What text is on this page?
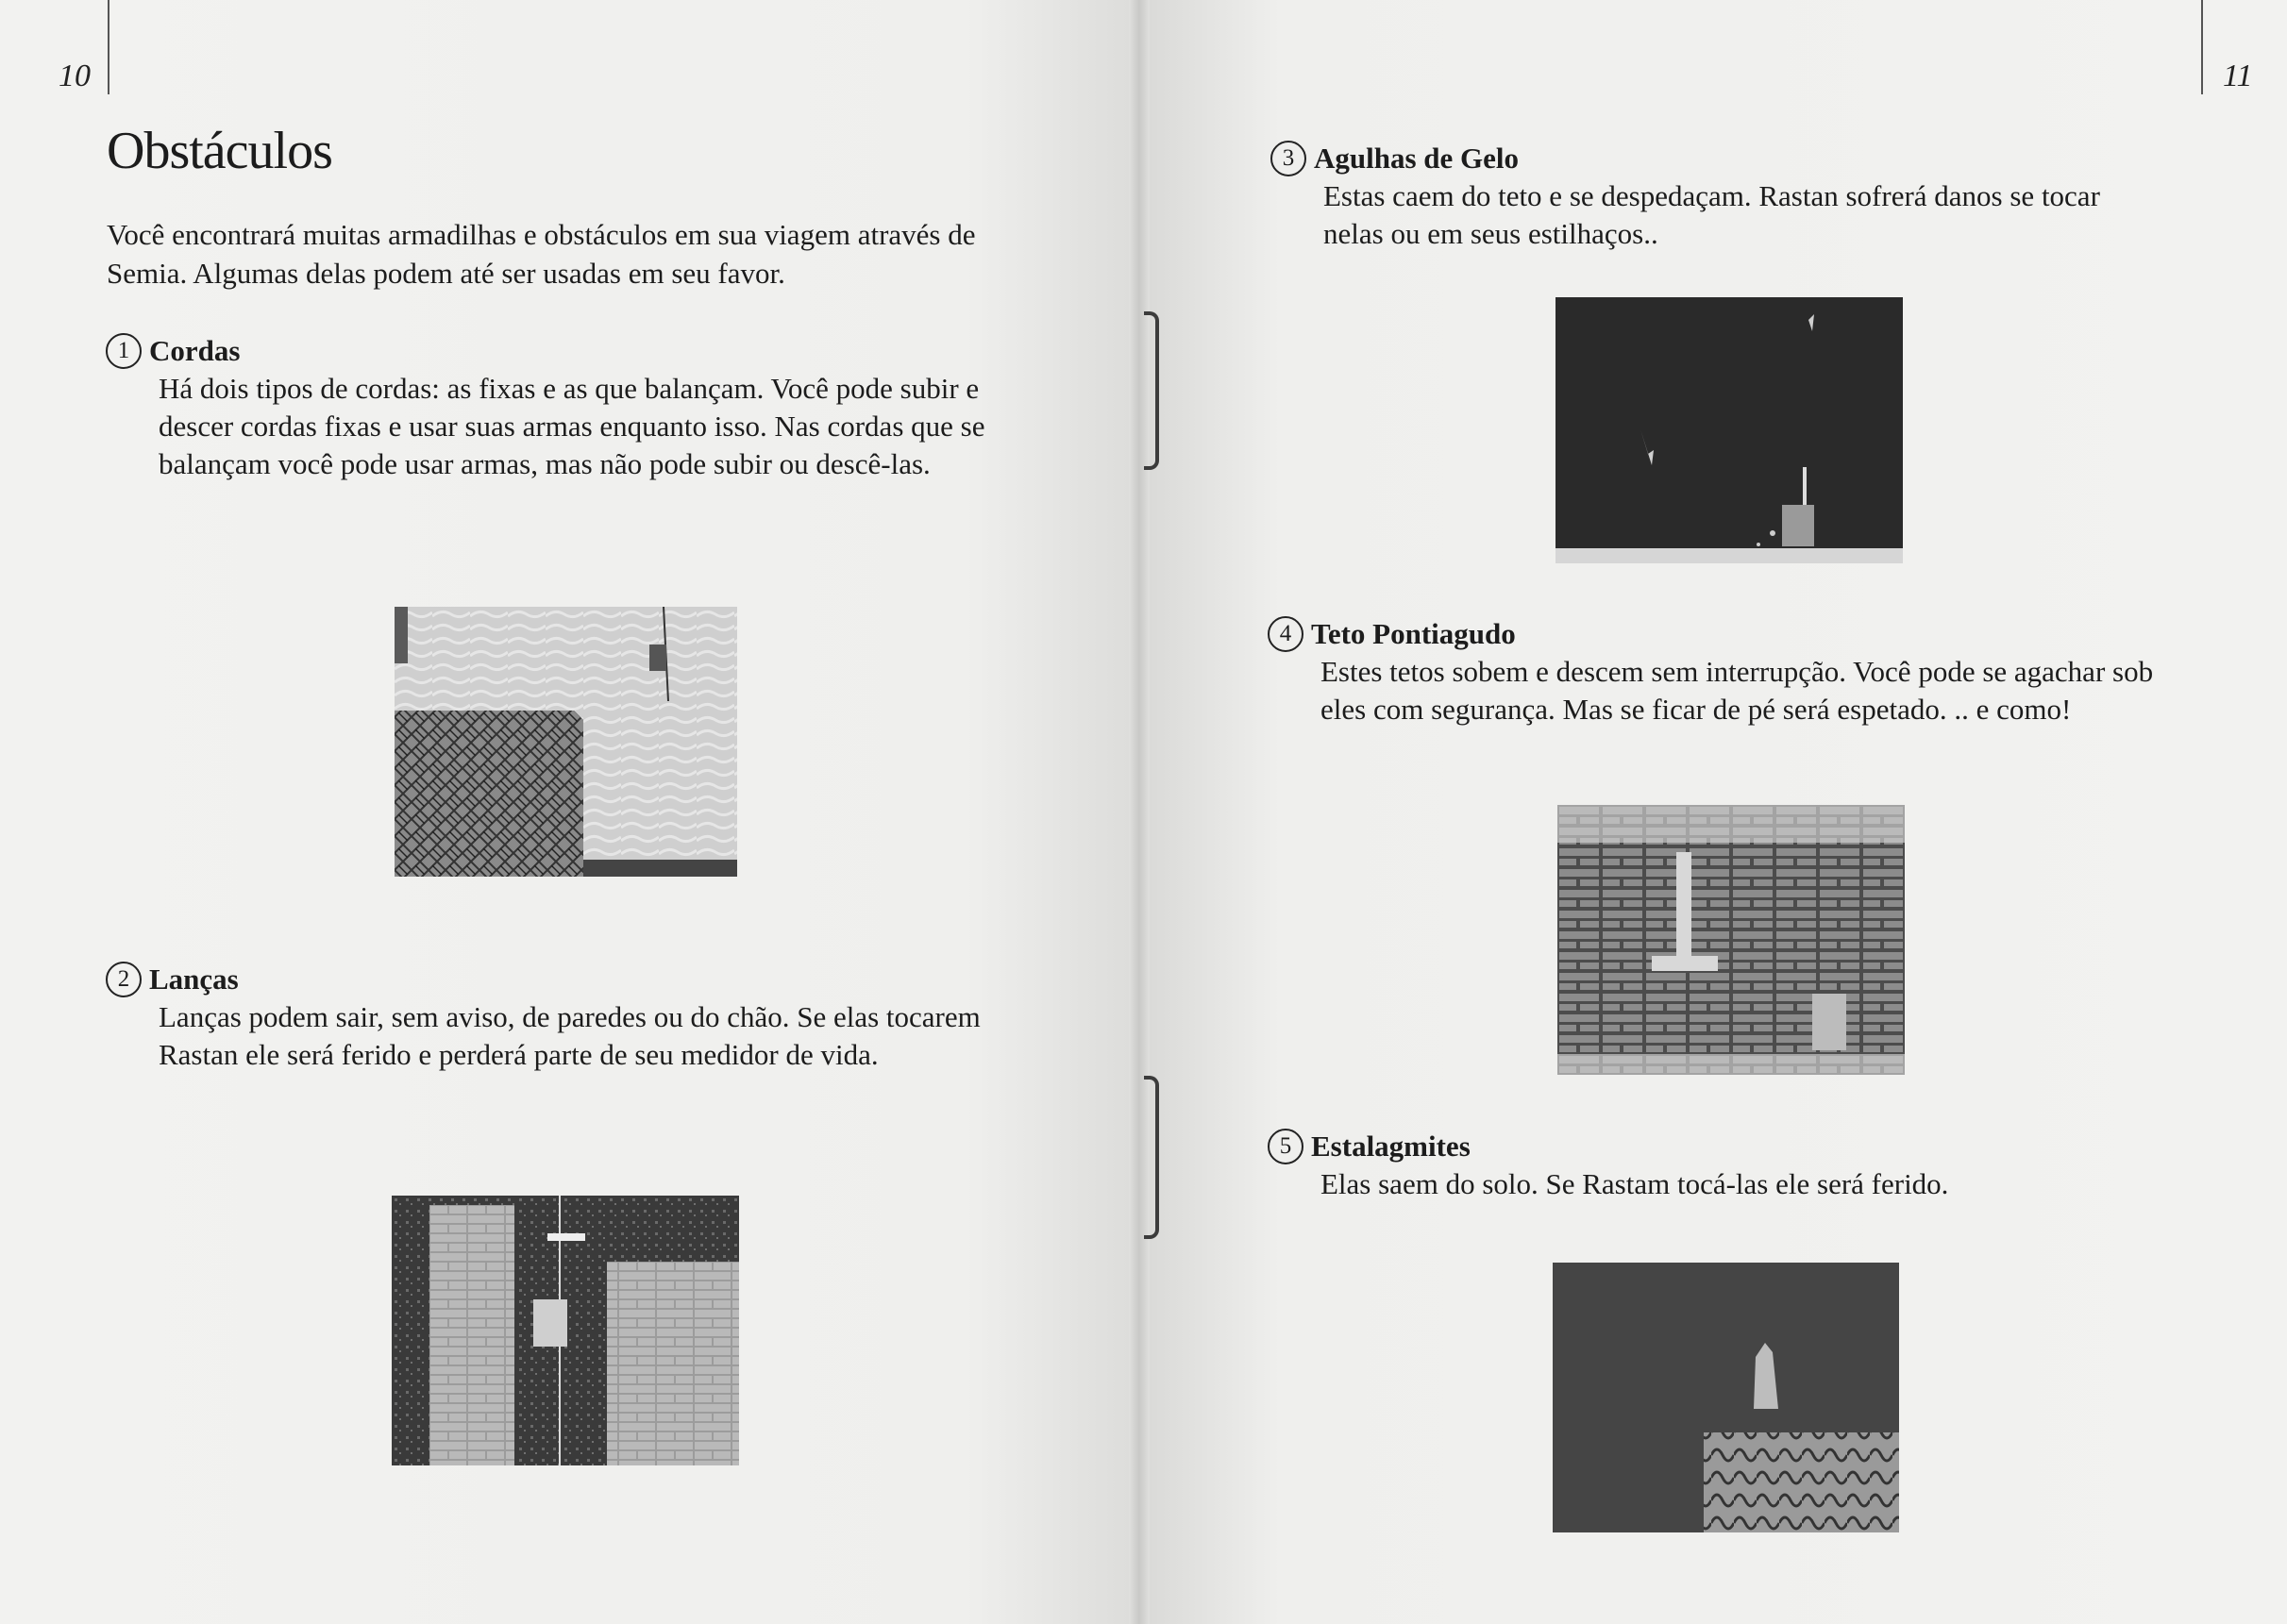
10
Obstáculos

Você encontrará muitas armadilhas e obstáculos em sua viagem através de Semia. Algumas delas podem até ser usadas em seu favor.

1 Cordas

Há dois tipos de cordas: as fixas e as que balançam. Você pode subir e descer cordas fixas e usar suas armas enquanto isso. Nas cordas que se balançam você pode usar armas, mas não pode subir ou descê-las.

2 Lanças

Lanças podem sair, sem aviso, de paredes ou do chão. Se elas tocarem Rastan ele será ferido e perderá parte de seu medidor de vida.

11
3 Agulhas de Gelo

Estas caem do teto e se despedaçam. Rastan sofrerá danos se tocar nelas ou em seus estilhaços..

4 Teto Pontiagudo

Estes tetos sobem e descem sem interrupção. Você pode se agachar sob eles com segurança. Mas se ficar de pé será espetado. .. e como!

5 Estalagmites

Elas saem do solo. Se Rastam tocá-las ele será ferido.
